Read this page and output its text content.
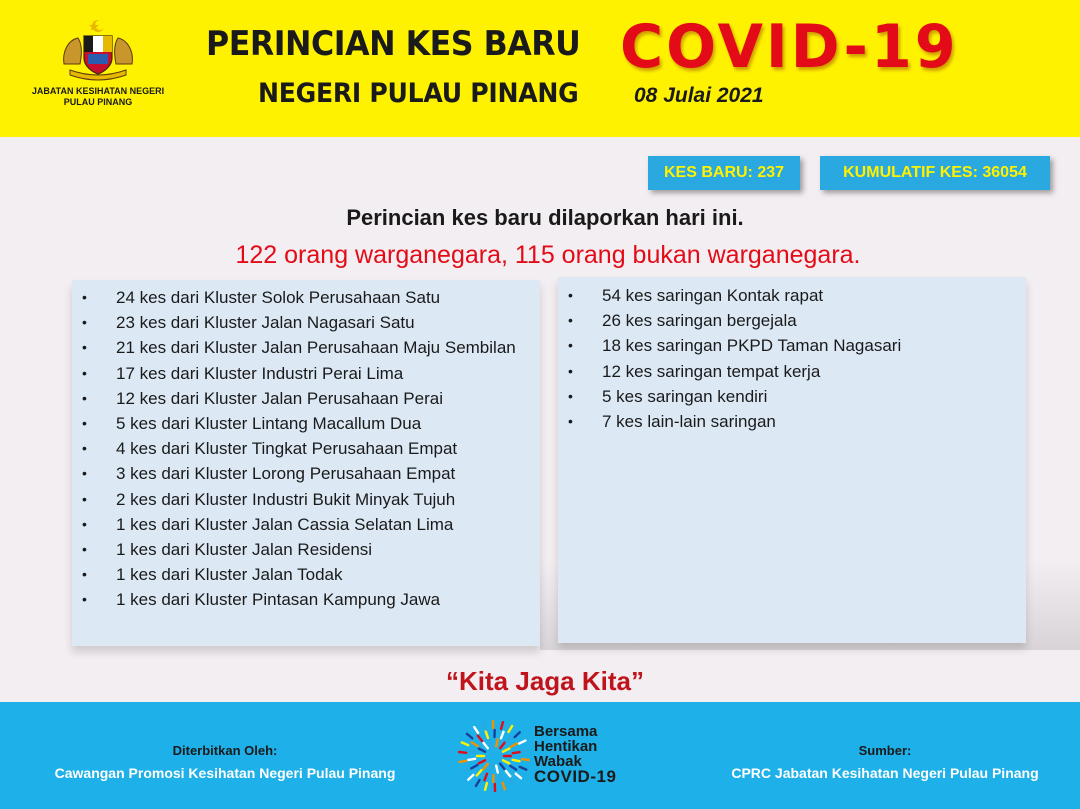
JABATAN KESIHATAN NEGERI
PULAU PINANG
PERINCIAN KES BARU COVID-19
NEGERI PULAU PINANG	08 Julai 2021
KES BARU: 237	KUMULATIF KES: 36054
Perincian kes baru dilaporkan hari ini.
122 orang warganegara, 115 orang bukan warganegara.
• 24 kes dari Kluster Solok Perusahaan Satu
• 23 kes dari Kluster Jalan Nagasari Satu
• 21 kes dari Kluster Jalan Perusahaan Maju Sembilan
• 17 kes dari Kluster Industri Perai Lima
• 12 kes dari Kluster Jalan Perusahaan Perai
• 5 kes dari Kluster Lintang Macallum Dua
• 4 kes dari Kluster Tingkat Perusahaan Empat
• 3 kes dari Kluster Lorong Perusahaan Empat
• 2 kes dari Kluster Industri Bukit Minyak Tujuh
• 1 kes dari Kluster Jalan Cassia Selatan Lima
• 1 kes dari Kluster Jalan Residensi
• 1 kes dari Kluster Jalan Todak
• 1 kes dari Kluster Pintasan Kampung Jawa
• 54 kes saringan Kontak rapat
• 26 kes saringan bergejala
• 18 kes saringan PKPD Taman Nagasari
• 12 kes saringan tempat kerja
• 5 kes saringan kendiri
• 7 kes lain-lain saringan
“Kita Jaga Kita”
Diterbitkan Oleh:
Cawangan Promosi Kesihatan Negeri Pulau Pinang
Bersama
Hentikan
Wabak
COVID-19
Sumber:
CPRC Jabatan Kesihatan Negeri Pulau Pinang
